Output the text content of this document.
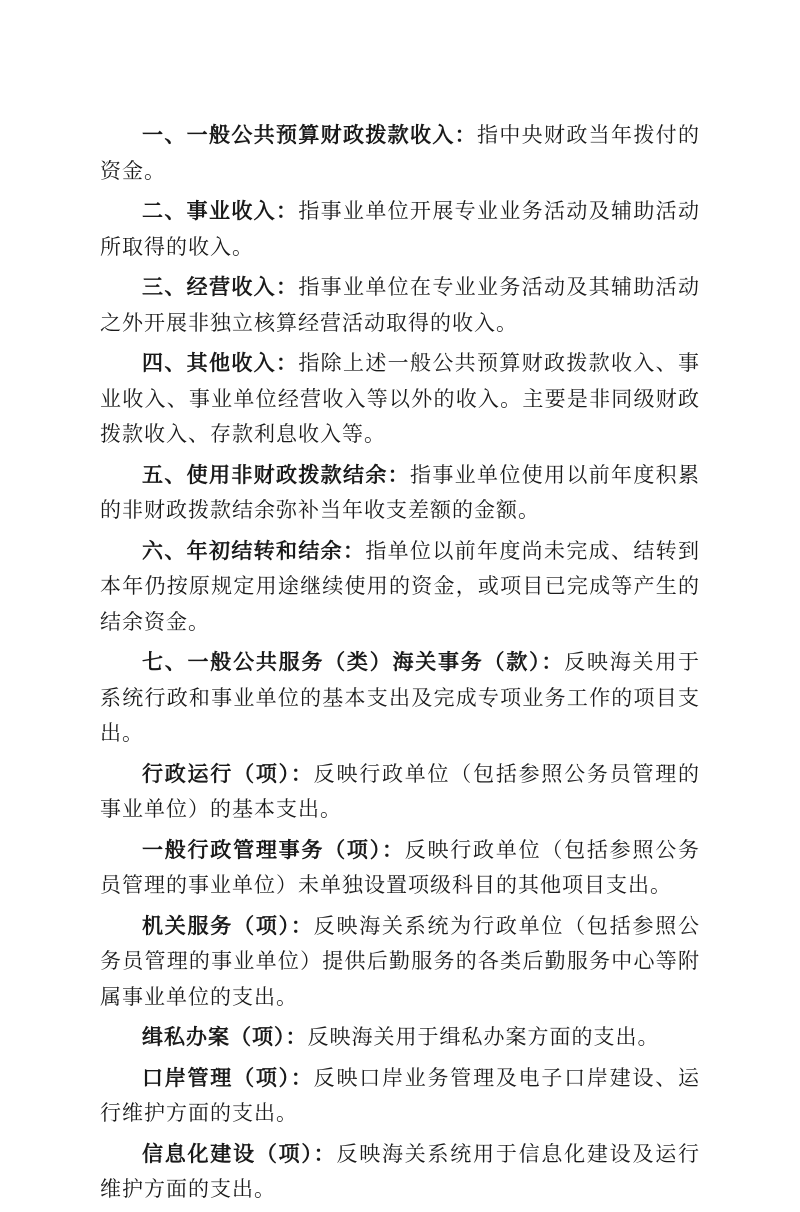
一、一般公共预算财政拨款收入：指中央财政当年拨付的资金。

二、事业收入：指事业单位开展专业业务活动及辅助活动所取得的收入。

三、经营收入：指事业单位在专业业务活动及其辅助活动之外开展非独立核算经营活动取得的收入。

四、其他收入：指除上述一般公共预算财政拨款收入、事业收入、事业单位经营收入等以外的收入。主要是非同级财政拨款收入、存款利息收入等。

五、使用非财政拨款结余：指事业单位使用以前年度积累的非财政拨款结余弥补当年收支差额的金额。

六、年初结转和结余：指单位以前年度尚未完成、结转到本年仍按原规定用途继续使用的资金，或项目已完成等产生的结余资金。

七、一般公共服务（类）海关事务（款）：反映海关用于系统行政和事业单位的基本支出及完成专项业务工作的项目支出。

行政运行（项）：反映行政单位（包括参照公务员管理的事业单位）的基本支出。

一般行政管理事务（项）：反映行政单位（包括参照公务员管理的事业单位）未单独设置项级科目的其他项目支出。

机关服务（项）：反映海关系统为行政单位（包括参照公务员管理的事业单位）提供后勤服务的各类后勤服务中心等附属事业单位的支出。

缉私办案（项）：反映海关用于缉私办案方面的支出。

口岸管理（项）：反映口岸业务管理及电子口岸建设、运行维护方面的支出。

信息化建设（项）：反映海关系统用于信息化建设及运行维护方面的支出。
